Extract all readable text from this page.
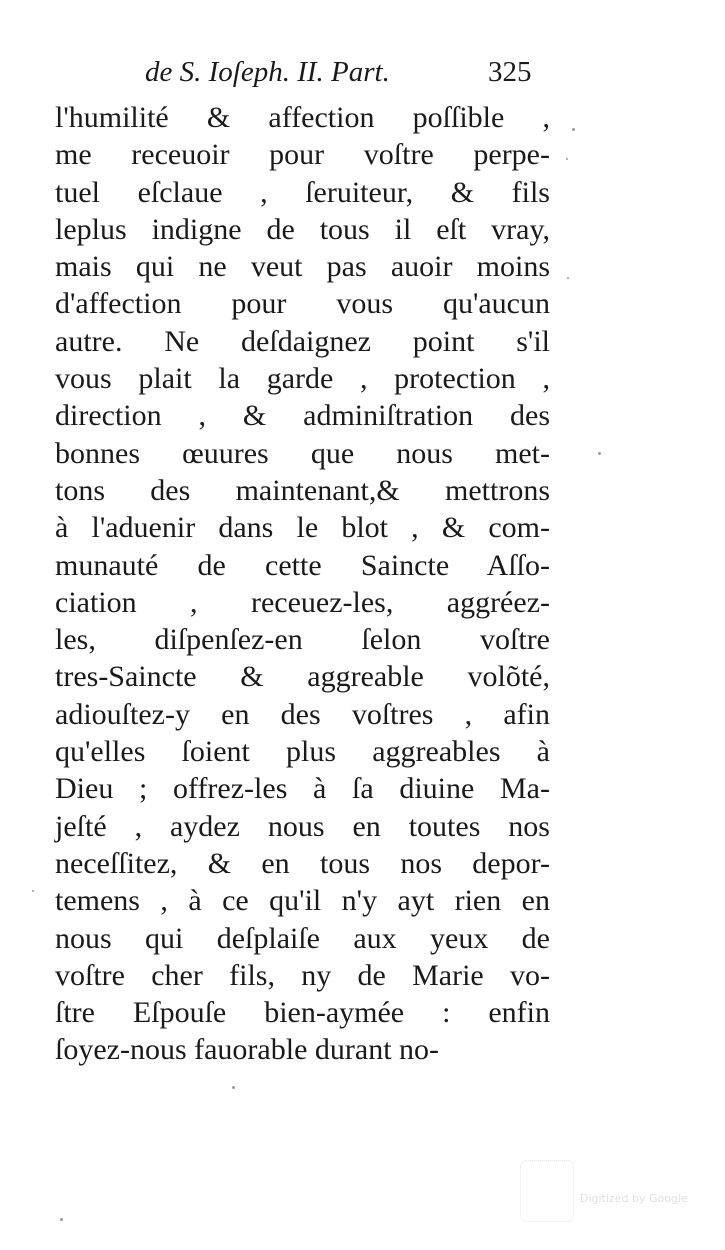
de S. Ioſeph. II. Part.	325
l'humilité & affection poſſible ,
me receuoir pour voſtre perpe-
tuel eſclaue , ſeruiteur, & fils
leplus indigne de tous il eſt vray,
mais qui ne veut pas auoir moins
d'affection pour vous qu'aucun
autre. Ne deſdaignez point s'il
vous plait la garde , protection ,
direction , & adminiſtration des
bonnes œuures que nous met-
tons des maintenant,& mettrons
à l'aduenir dans le blot , & com-
munauté de cette Saincte Aſſo-
ciation , receuez-les, aggréez-
les, diſpenſez-en ſelon voſtre
tres-Saincte & aggreable volõté,
adiouſtez-y en des voſtres , afin
qu'elles ſoient plus aggreables à
Dieu ; offrez-les à ſa diuine Ma-
jeſté , aydez nous en toutes nos
neceſſitez, & en tous nos depor-
temens , à ce qu'il n'y ayt rien en
nous qui deſplaiſe aux yeux de
voſtre cher fils, ny de Marie vo-
ſtre Eſpouſe bien-aymée : enfin
ſoyez-nous fauorable durant no-
Digitized by Google
